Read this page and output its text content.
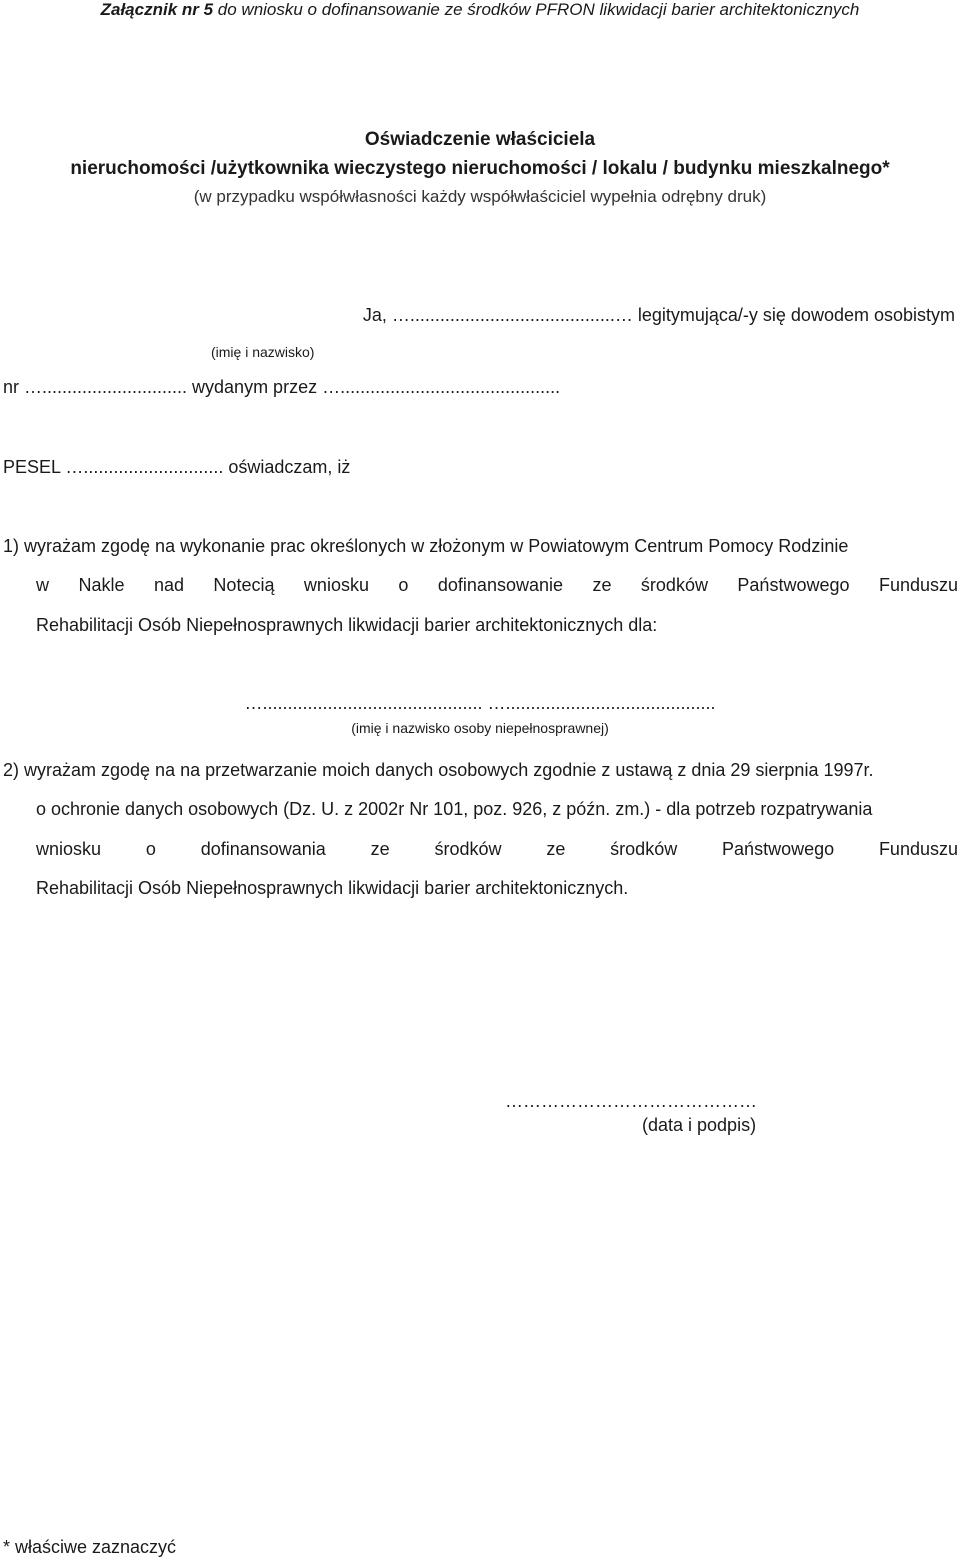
Załącznik nr 5 do wniosku o dofinansowanie ze środków PFRON likwidacji barier architektonicznych
Oświadczenie właściciela
nieruchomości /użytkownika wieczystego nieruchomości / lokalu / budynku mieszkalnego*
(w przypadku współwłasności każdy współwłaściciel wypełnia odrębny druk)
Ja, ….........................................… legitymująca/-y się dowodem osobistym
(imię i nazwisko)
nr …............................. wydanym przez …............................................
PESEL …............................ oświadczam, iż
1) wyrażam zgodę na wykonanie prac określonych w złożonym w Powiatowym Centrum Pomocy Rodzinie
w Nakle nad Notecią wniosku o dofinansowanie ze środków Państwowego Funduszu
Rehabilitacji Osób Niepełnosprawnych likwidacji barier architektonicznych dla:
…............................................ …..........................................
(imię i nazwisko osoby niepełnosprawnej)
2) wyrażam zgodę na na przetwarzanie moich danych osobowych zgodnie z ustawą z dnia 29 sierpnia 1997r.
o ochronie danych osobowych (Dz. U. z 2002r Nr 101, poz. 926, z późn. zm.) - dla potrzeb rozpatrywania
wniosku o dofinansowania ze środków ze środków Państwowego Funduszu
Rehabilitacji Osób Niepełnosprawnych likwidacji barier architektonicznych.
……………………………………
(data i podpis)
* właściwe zaznaczyć
